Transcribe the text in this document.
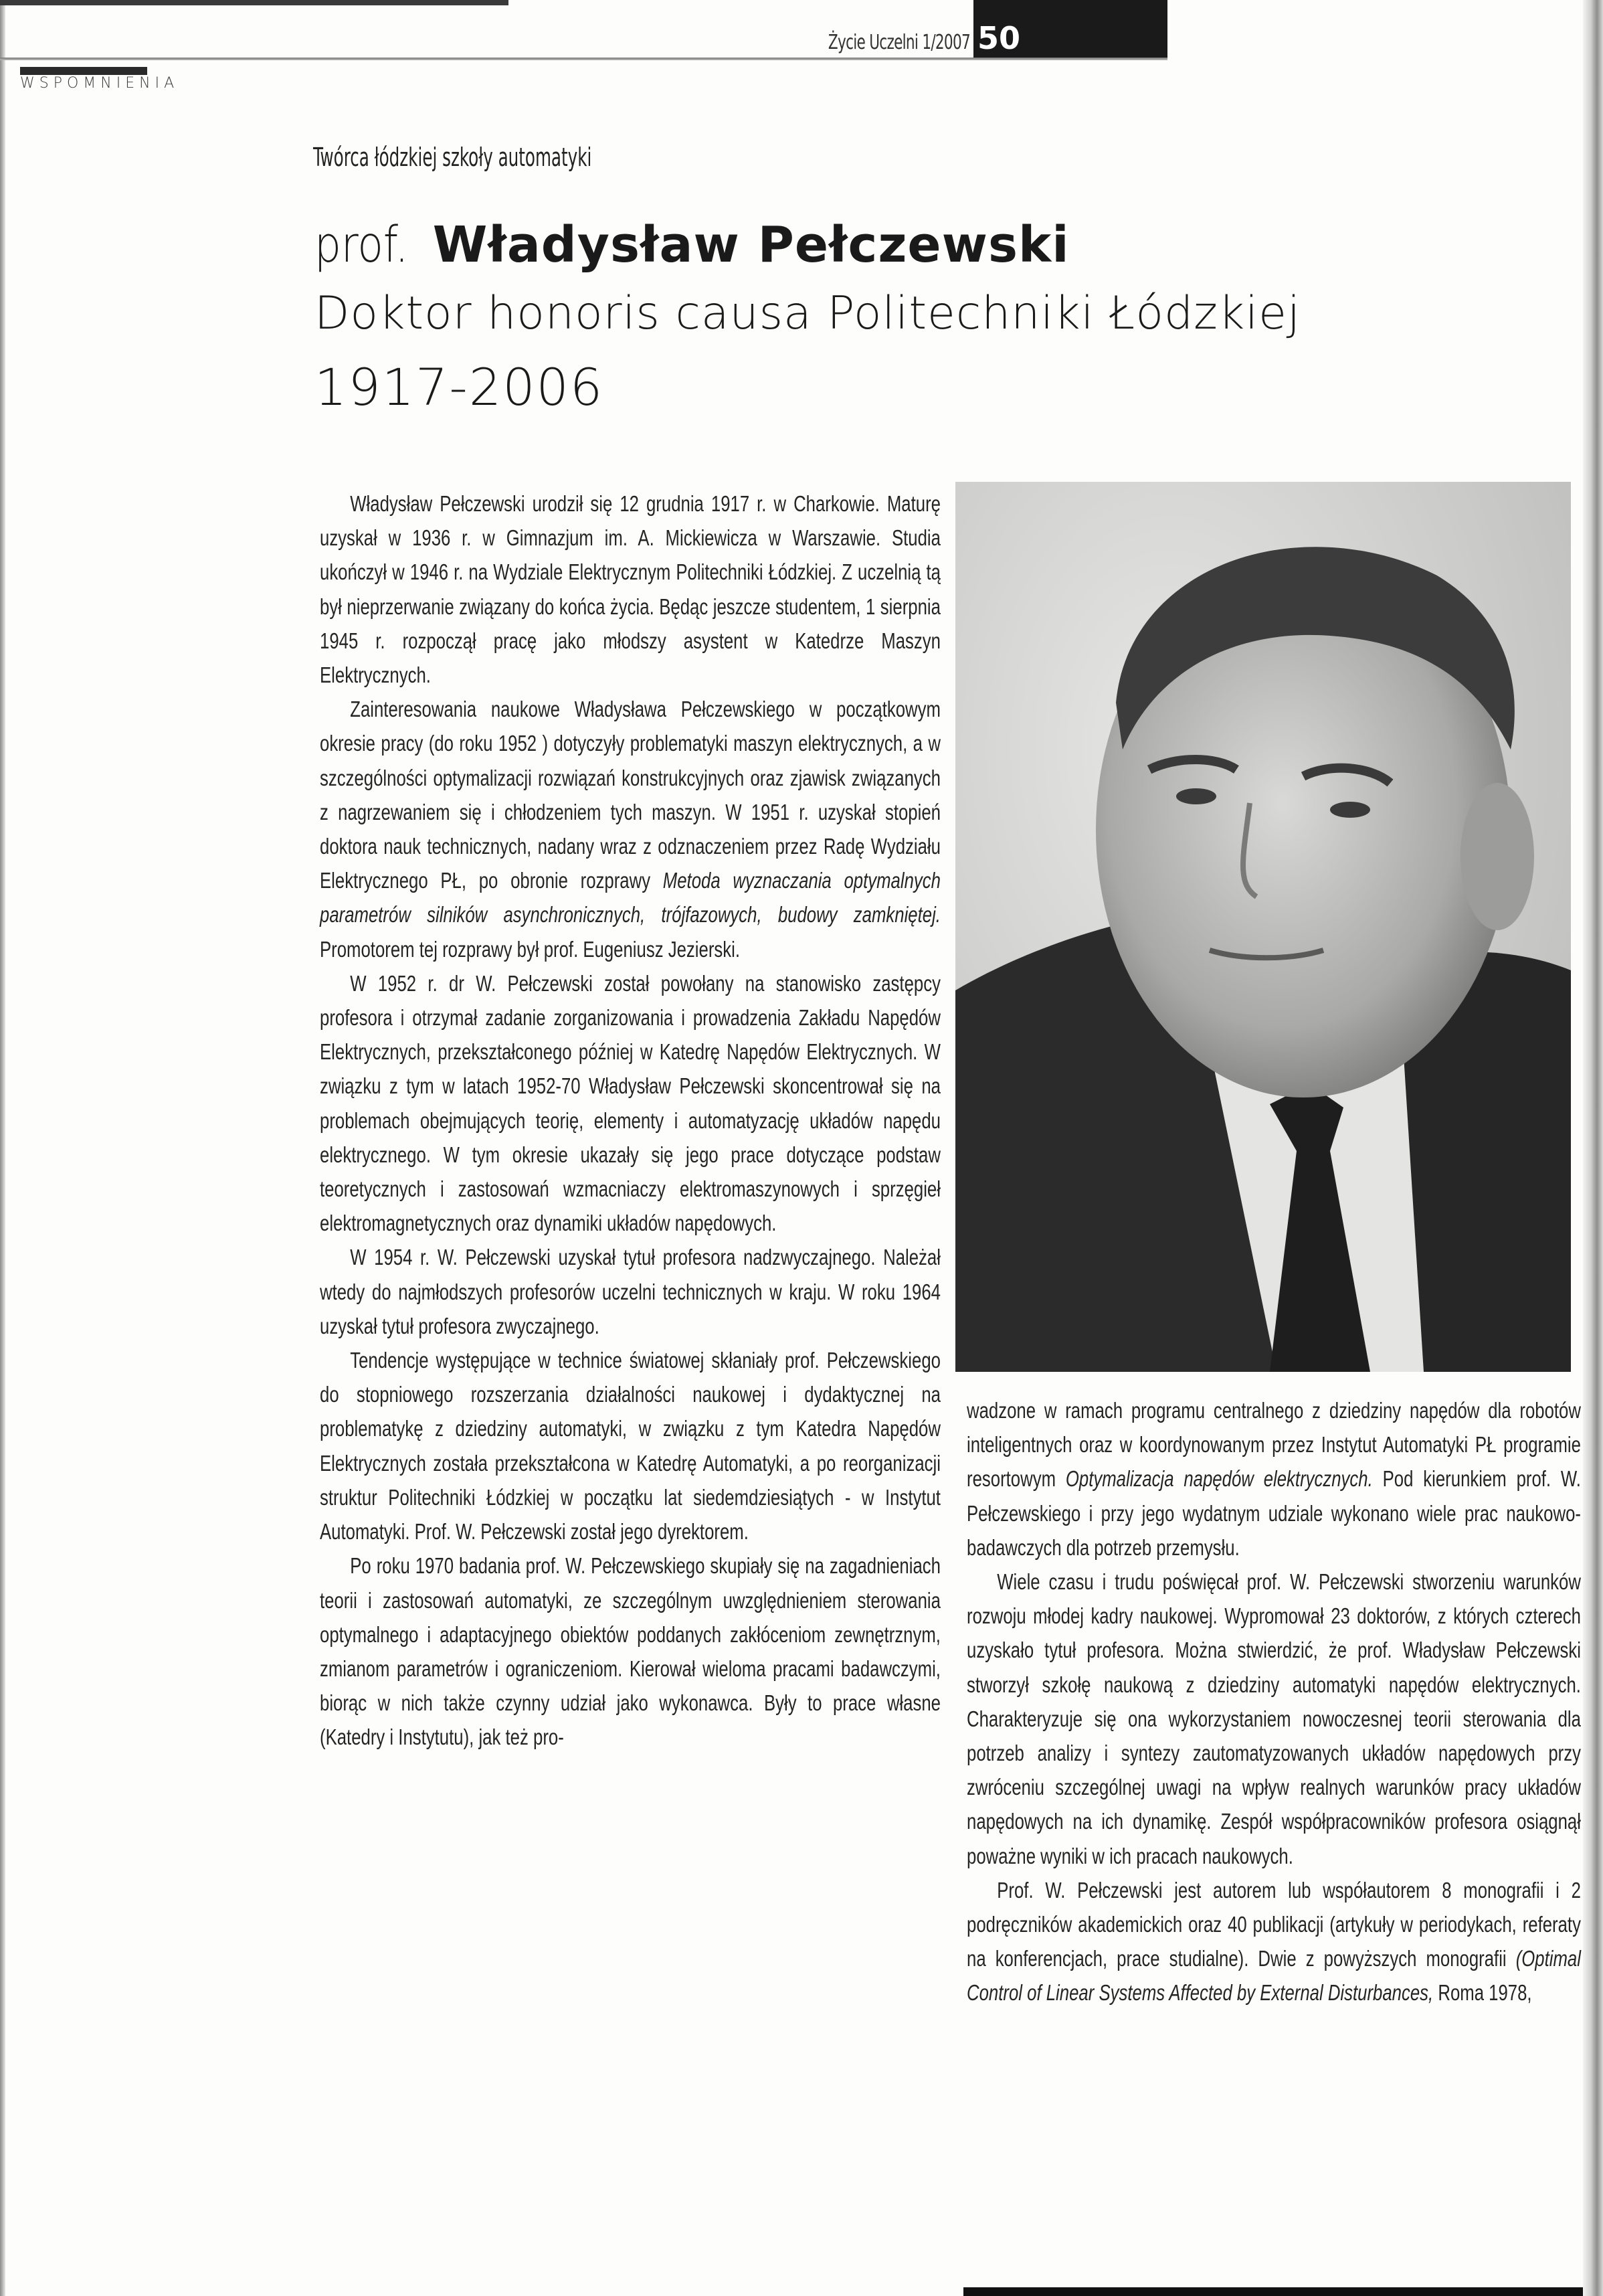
Życie Uczelni 1/2007 50
WSPOMNIENIA
Twórca łódzkiej szkoły automatyki
prof. Władysław Pełczewski
Doktor honoris causa Politechniki Łódzkiej
1917-2006

Władysław Pełczewski urodził się 12 grudnia 1917 r. w Charkowie. Maturę uzyskał w 1936 r. w Gimnazjum im. A. Mickiewicza w Warszawie. Studia ukończył w 1946 r. na Wydziale Elektrycznym Politechniki Łódzkiej. Z uczelnią tą był nieprzerwanie związany do końca życia. Będąc jeszcze studentem, 1 sierpnia 1945 r. rozpoczął pracę jako młodszy asystent w Katedrze Maszyn Elektrycznych.

Zainteresowania naukowe Władysława Pełczewskiego w początkowym okresie pracy (do roku 1952 ) dotyczyły problematyki maszyn elektrycznych, a w szczególności optymalizacji rozwiązań konstrukcyjnych oraz zjawisk związanych z nagrzewaniem się i chłodzeniem tych maszyn. W 1951 r. uzyskał stopień doktora nauk technicznych, nadany wraz z odznaczeniem przez Radę Wydziału Elektrycznego PŁ, po obronie rozprawy Metoda wyznaczania optymalnych parametrów silników asynchronicznych, trójfazowych, budowy zamkniętej. Promotorem tej rozprawy był prof. Eugeniusz Jezierski.

W 1952 r. dr W. Pełczewski został powołany na stanowisko zastępcy profesora i otrzymał zadanie zorganizowania i prowadzenia Zakładu Napędów Elektrycznych, przekształconego później w Katedrę Napędów Elektrycznych. W związku z tym w latach 1952-70 Władysław Pełczewski skoncentrował się na problemach obejmujących teorię, elementy i automatyzację układów napędu elektrycznego. W tym okresie ukazały się jego prace dotyczące podstaw teoretycznych i zastosowań wzmacniaczy elektromaszynowych i sprzęgieł elektromagnetycznych oraz dynamiki układów napędowych.

W 1954 r. W. Pełczewski uzyskał tytuł profesora nadzwyczajnego. Należał wtedy do najmłodszych profesorów uczelni technicznych w kraju. W roku 1964 uzyskał tytuł profesora zwyczajnego.

Tendencje występujące w technice światowej skłaniały prof. Pełczewskiego do stopniowego rozszerzania działalności naukowej i dydaktycznej na problematykę z dziedziny automatyki, w związku z tym Katedra Napędów Elektrycznych została przekształcona w Katedrę Automatyki, a po reorganizacji struktur Politechniki Łódzkiej w początku lat siedemdziesiątych - w Instytut Automatyki. Prof. W. Pełczewski został jego dyrektorem.

Po roku 1970 badania prof. W. Pełczewskiego skupiały się na zagadnieniach teorii i zastosowań automatyki, ze szczególnym uwzględnieniem sterowania optymalnego i adaptacyjnego obiektów poddanych zakłóceniom zewnętrznym, zmianom parametrów i ograniczeniom. Kierował wieloma pracami badawczymi, biorąc w nich także czynny udział jako wykonawca. Były to prace własne (Katedry i Instytutu), jak też pro-

wadzone w ramach programu centralnego z dziedziny napędów dla robotów inteligentnych oraz w koordynowanym przez Instytut Automatyki PŁ programie resortowym Optymalizacja napędów elektrycznych. Pod kierunkiem prof. W. Pełczewskiego i przy jego wydatnym udziale wykonano wiele prac naukowo-badawczych dla potrzeb przemysłu.

Wiele czasu i trudu poświęcał prof. W. Pełczewski stworzeniu warunków rozwoju młodej kadry naukowej. Wypromował 23 doktorów, z których czterech uzyskało tytuł profesora. Można stwierdzić, że prof. Władysław Pełczewski stworzył szkołę naukową z dziedziny automatyki napędów elektrycznych. Charakteryzuje się ona wykorzystaniem nowoczesnej teorii sterowania dla potrzeb analizy i syntezy zautomatyzowanych układów napędowych przy zwróceniu szczególnej uwagi na wpływ realnych warunków pracy układów napędowych na ich dynamikę. Zespół współpracowników profesora osiągnął poważne wyniki w ich pracach naukowych.

Prof. W. Pełczewski jest autorem lub współautorem 8 monografii i 2 podręczników akademickich oraz 40 publikacji (artykuły w periodykach, referaty na konferencjach, prace studialne). Dwie z powyższych monografii (Optimal Control of Linear Systems Affected by External Disturbances, Roma 1978,
